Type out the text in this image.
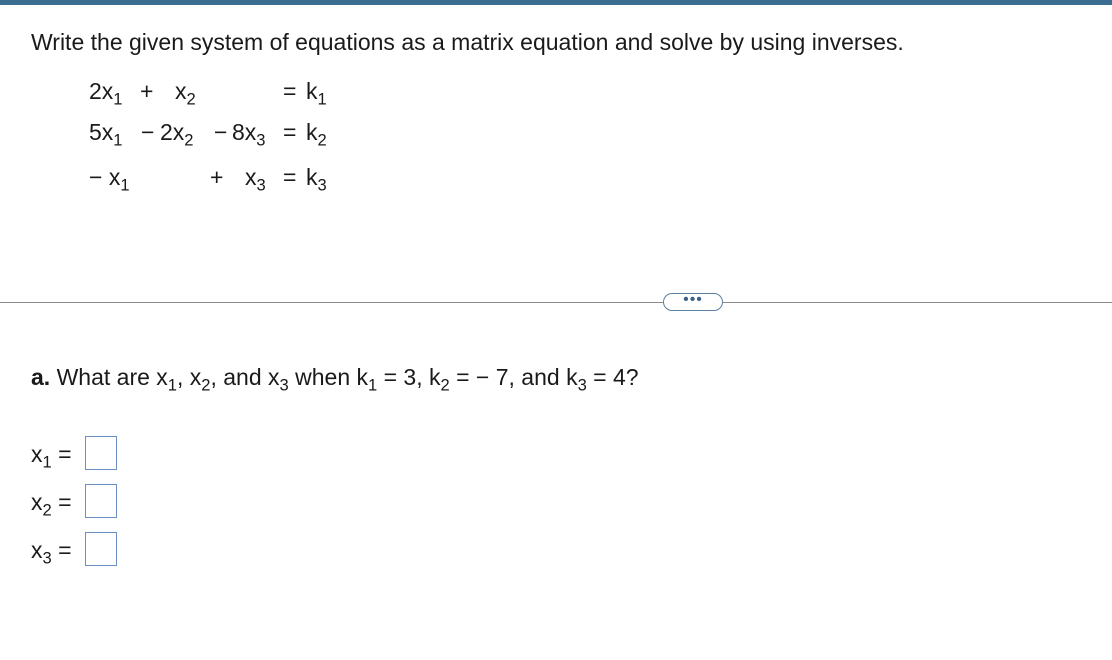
Write the given system of equations as a matrix equation and solve by using inverses.
$2x_1 + x_2$	= $k_1$
$5x_1 - 2x_2 - 8x_3 = k_2$
− $x_1$	+ $x_3 = k_3$
•••
a. What are $x_1$, $x_2$, and $x_3$ when $k_1 = 3$, $k_2$ = − 7, and $k_3 = 4$?
$x_1$ =
$x_2$ =
$x_3$ =
